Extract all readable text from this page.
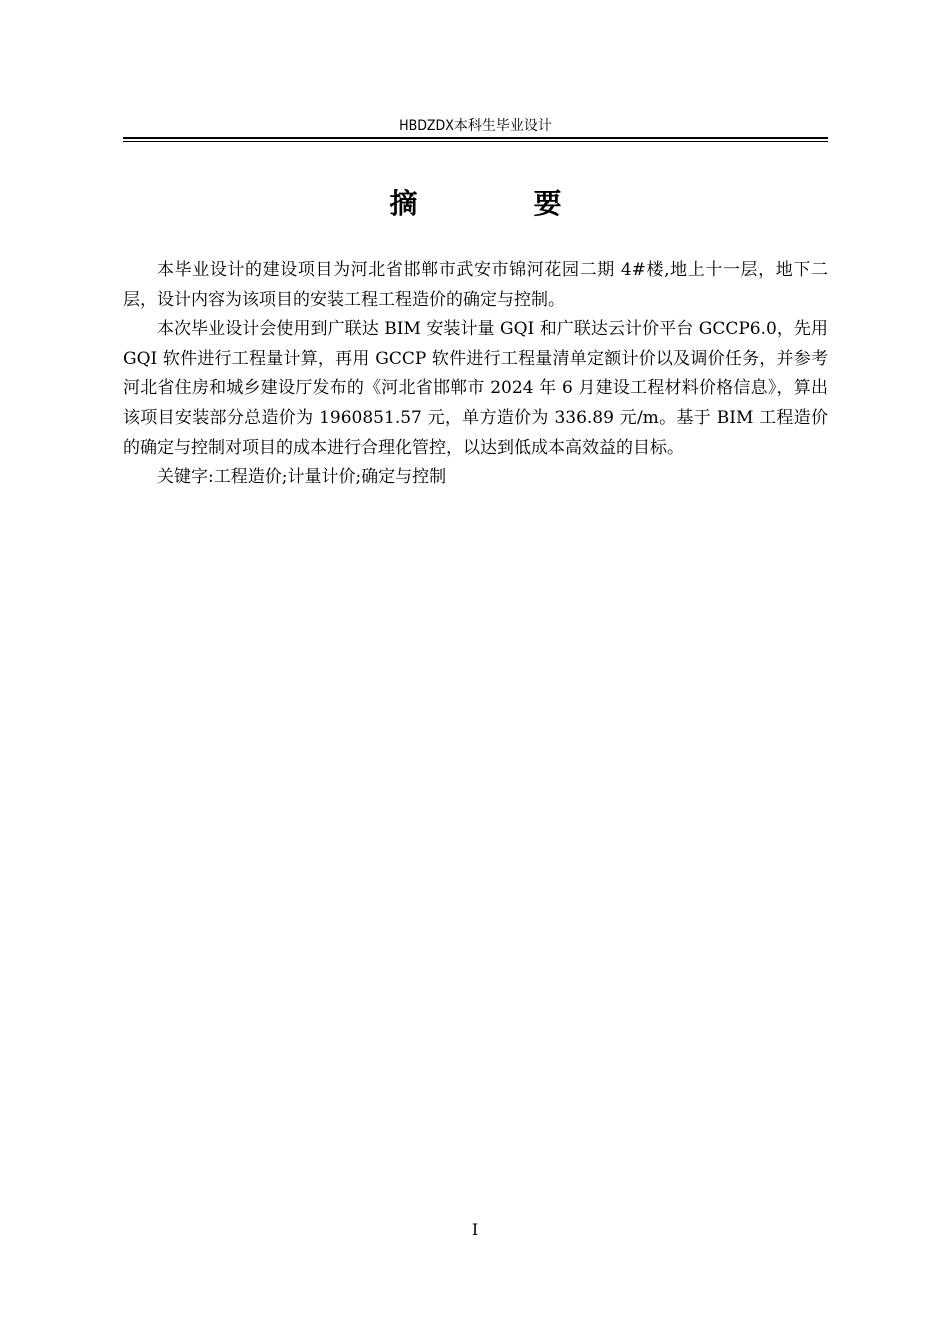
HBDZDX本科生毕业设计
摘　要

本毕业设计的建设项目为河北省邯郸市武安市锦河花园二期 4#楼,地上十一层，地下二层，设计内容为该项目的安装工程工程造价的确定与控制。

本次毕业设计会使用到广联达 BIM 安装计量 GQI 和广联达云计价平台 GCCP6.0，先用 GQI 软件进行工程量计算，再用 GCCP 软件进行工程量清单定额计价以及调价任务，并参考河北省住房和城乡建设厅发布的《河北省邯郸市 2024 年 6 月建设工程材料价格信息》，算出该项目安装部分总造价为 1960851.57 元，单方造价为 336.89 元/m。基于 BIM 工程造价的确定与控制对项目的成本进行合理化管控，以达到低成本高效益的目标。

关键字:工程造价;计量计价;确定与控制

I
